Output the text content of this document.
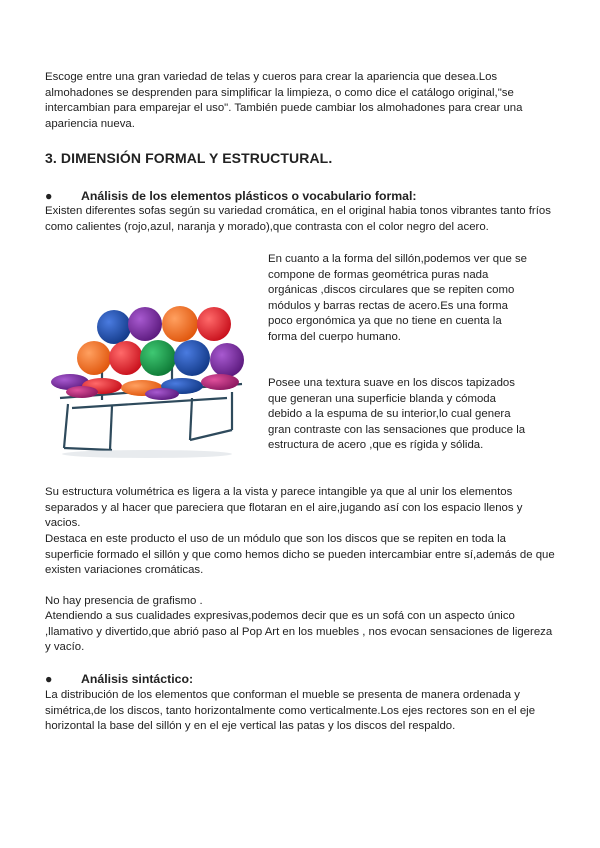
Escoge entre una gran variedad de telas y cueros para crear la apariencia que desea.Los almohadones se desprenden para simplificar la limpieza, o como dice el catálogo original,"se intercambian para emparejar el uso". También puede cambiar los almohadones para crear una apariencia nueva.

3. DIMENSIÓN FORMAL Y ESTRUCTURAL.

● Análisis de los elementos plásticos o vocabulario formal:

Existen diferentes sofas según su variedad cromática, en el original habia tonos vibrantes tanto fríos como calientes (rojo,azul, naranja y morado),que contrasta con el color negro del acero.

En cuanto a la forma del sillón,podemos ver que se compone de formas geométrica puras nada orgánicas ,discos circulares que se repiten como módulos y barras rectas de acero.Es una forma poco ergonómica ya que no tiene en cuenta la forma del cuerpo humano.

Posee una textura suave en los discos tapizados que generan una superficie blanda y cómoda debido a la espuma de su interior,lo cual genera gran contraste con las sensaciones que produce la estructura de acero ,que es rígida y sólida.

Su estructura volumétrica es ligera a la vista y parece intangible ya que al unir los elementos separados y al hacer que pareciera que flotaran en el aire,jugando así con los espacio llenos y vacios.

Destaca en este producto el uso de un módulo que son los discos que se repiten en toda la superficie formado el sillón y que como hemos dicho se pueden intercambiar entre sí,además de que existen variaciones cromáticas.

No hay presencia de grafismo .

Atendiendo a sus cualidades expresivas,podemos decir que es un sofá con un aspecto único ,llamativo y divertido,que abrió paso al Pop Art en los muebles , nos evocan sensaciones de ligereza y vacío.

● Análisis sintáctico:

La distribución de los elementos que conforman el mueble se presenta de manera ordenada y simétrica,de los discos, tanto horizontalmente como verticalmente.Los ejes rectores son en el eje horizontal la base del sillón y en el eje vertical las patas y los discos del respaldo.
